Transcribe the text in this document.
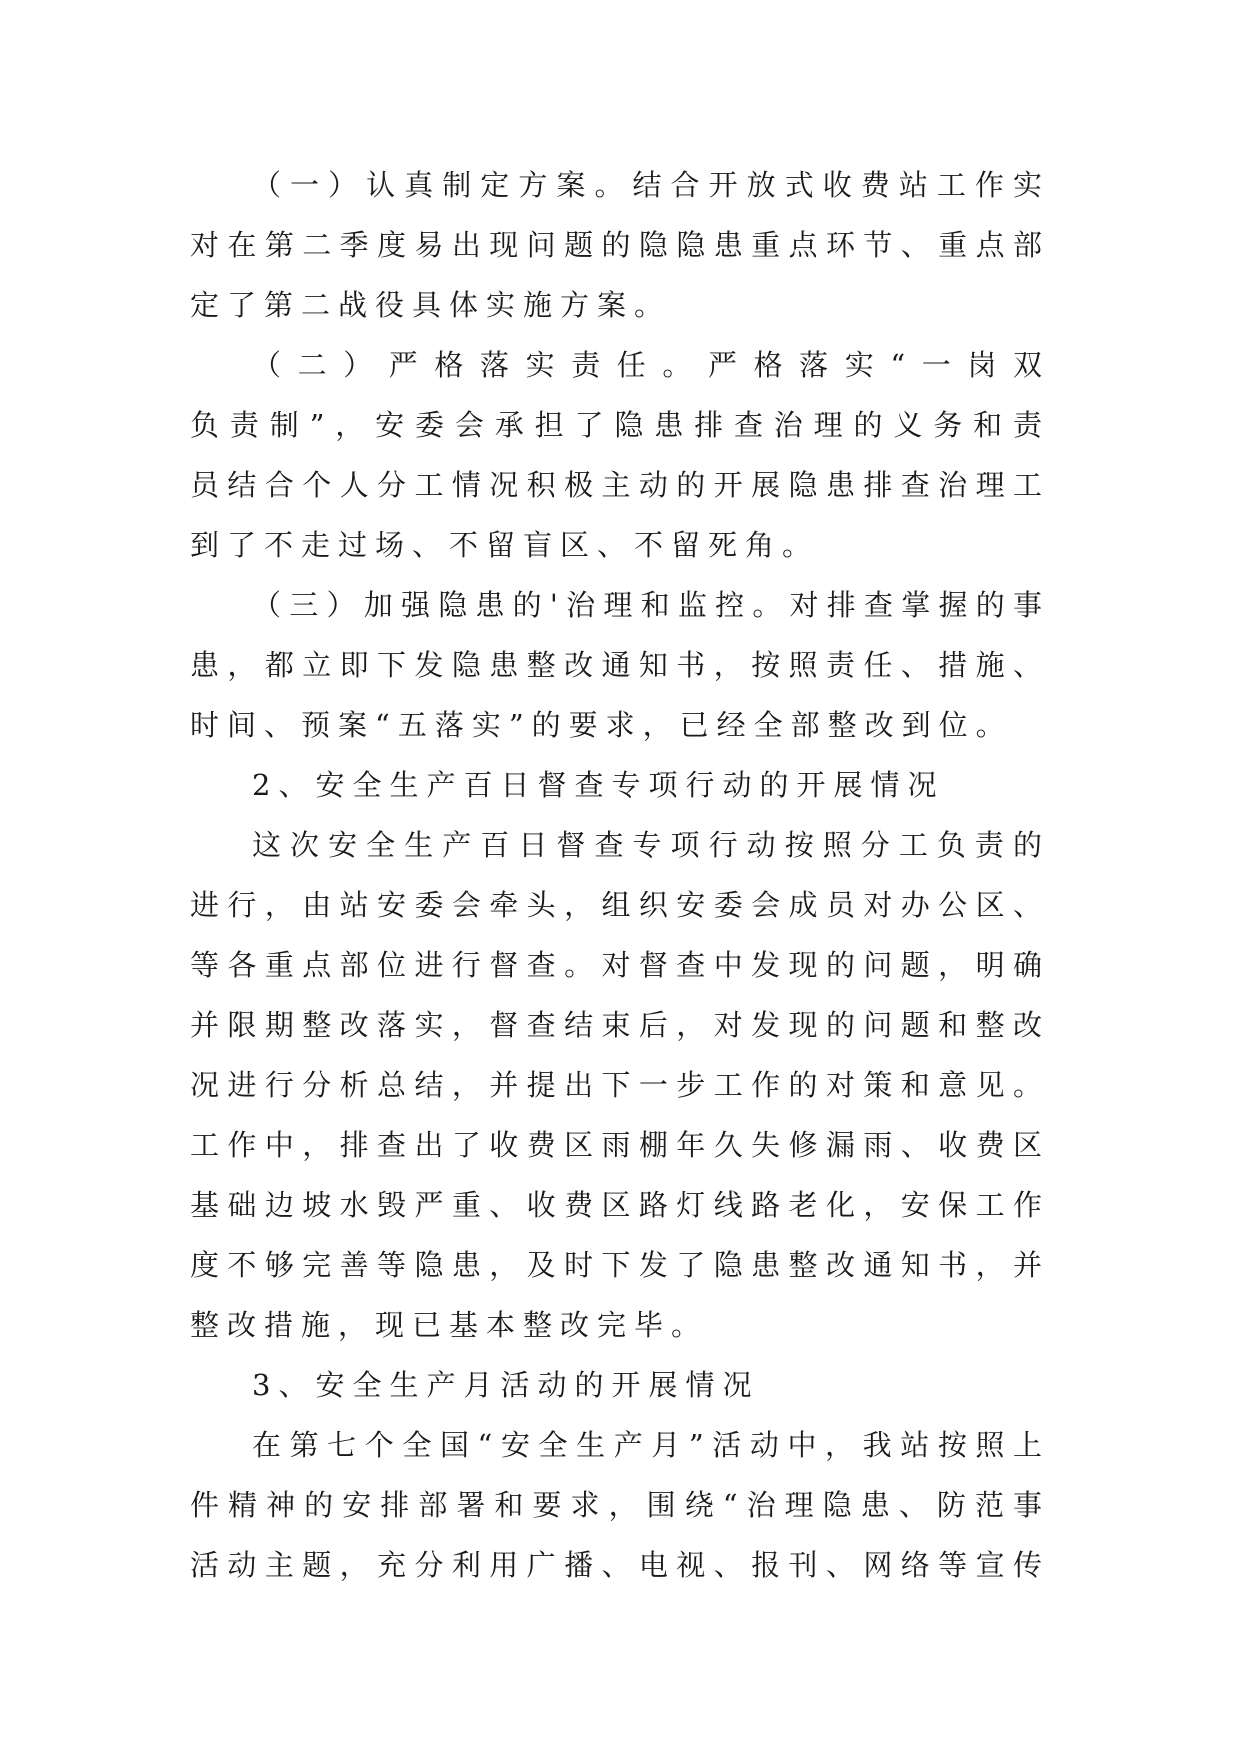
（一）认真制定方案。结合开放式收费站工作实
对在第二季度易出现问题的隐隐患重点环节、重点部
定了第二战役具体实施方案。
（二）严格落实责任。严格落实“一岗双
负责制”，安委会承担了隐患排查治理的义务和责
员结合个人分工情况积极主动的开展隐患排查治理工
到了不走过场、不留盲区、不留死角。
（三）加强隐患的'治理和监控。对排查掌握的事
患，都立即下发隐患整改通知书，按照责任、措施、
时间、预案“五落实”的要求，已经全部整改到位。
2、安全生产百日督查专项行动的开展情况
这次安全生产百日督查专项行动按照分工负责的
进行，由站安委会牵头，组织安委会成员对办公区、
等各重点部位进行督查。对督查中发现的问题，明确
并限期整改落实，督查结束后，对发现的问题和整改
况进行分析总结，并提出下一步工作的对策和意见。
工作中，排查出了收费区雨棚年久失修漏雨、收费区
基础边坡水毁严重、收费区路灯线路老化，安保工作
度不够完善等隐患，及时下发了隐患整改通知书，并
整改措施，现已基本整改完毕。
3、安全生产月活动的开展情况
在第七个全国“安全生产月”活动中，我站按照上
件精神的安排部署和要求，围绕“治理隐患、防范事
活动主题，充分利用广播、电视、报刊、网络等宣传
